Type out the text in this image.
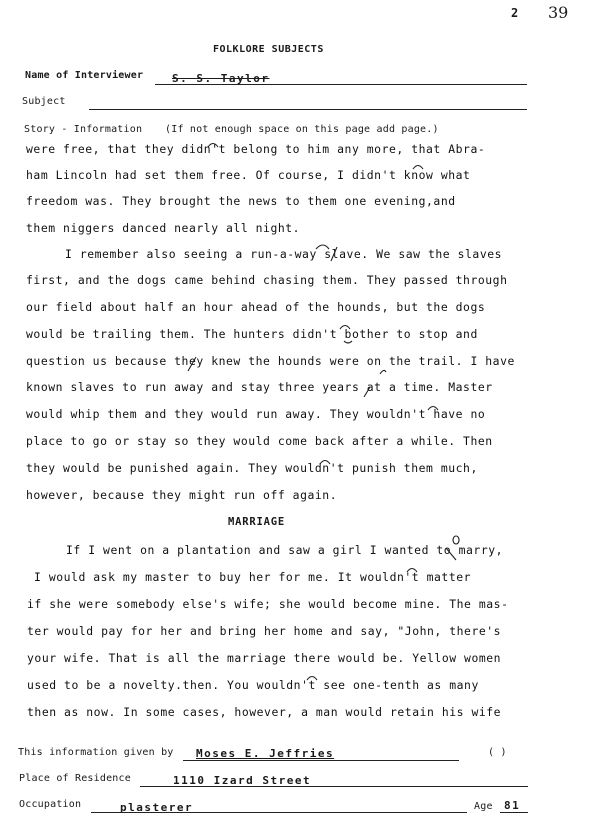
2 39
FOLKLORE SUBJECTS
Name of Interviewer	S. S. Taylor
Subject
Story - Information (If not enough space on this page add page.)
were free, that they didn't belong to him any more, that Abra-
ham Lincoln had set them free. Of course, I didn't know what
freedom was. They brought the news to them one evening,and
them niggers danced nearly all night.
I remember also seeing a run-a-way slave. We saw the slaves
first, and the dogs came behind chasing them. They passed through
our field about half an hour ahead of the hounds, but the dogs
would be trailing them. The hunters didn't bother to stop and
question us because they knew the hounds were on the trail. I have
known slaves to run away and stay three years at a time. Master
would whip them and they would run away. They wouldn't have no
place to go or stay so they would come back after a while. Then
they would be punished again. They wouldn't punish them much,
however, because they might run off again.
MARRIAGE
If I went on a plantation and saw a girl I wanted to marry,
I would ask my master to buy her for me. It wouldn't matter
if she were somebody else's wife; she would become mine. The mas-
ter would pay for her and bring her home and say, "John, there's
your wife. That is all the marriage there would be. Yellow women
used to be a novelty.then. You wouldn't see one-tenth as many
then as now. In some cases, however, a man would retain his wife
This information given by Moses E. Jeffries	( )
Place of Residence	1110 Izard Street
Occupation	plasterer	Age 81
